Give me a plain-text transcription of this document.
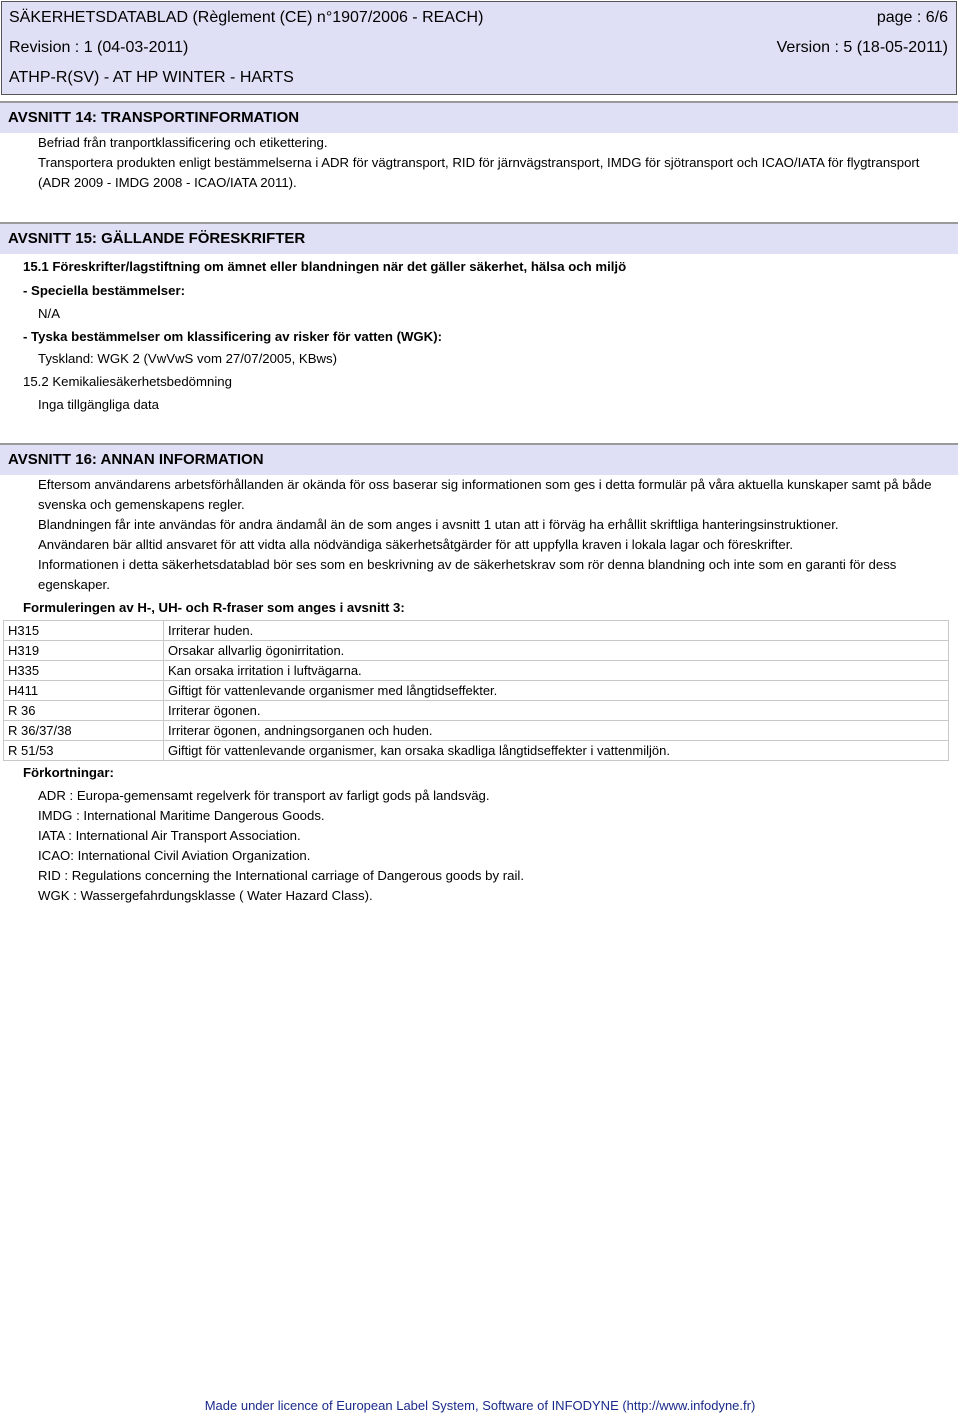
SÄKERHETSDATABLAD (Règlement (CE) n°1907/2006 - REACH)	page : 6/6
Revision : 1 (04-03-2011)	Version : 5 (18-05-2011)
ATHP-R(SV) - AT HP WINTER - HARTS
AVSNITT 14: TRANSPORTINFORMATION
Befriad från tranportklassificering och etikettering.
Transportera produkten enligt bestämmelserna i ADR för vägtransport, RID för järnvägstransport, IMDG för sjötransport och ICAO/IATA för flygtransport (ADR 2009 - IMDG 2008 - ICAO/IATA 2011).
AVSNITT 15: GÄLLANDE FÖRESKRIFTER
15.1 Föreskrifter/lagstiftning om ämnet eller blandningen när det gäller säkerhet, hälsa och miljö
- Speciella bestämmelser:
N/A
- Tyska bestämmelser om klassificering av risker för vatten (WGK):
Tyskland: WGK 2 (VwVwS vom 27/07/2005, KBws)
15.2 Kemikaliesäkerhetsbedömning
Inga tillgängliga data
AVSNITT 16: ANNAN INFORMATION
Eftersom användarens arbetsförhållanden är okända för oss baserar sig informationen som ges i detta formulär på våra aktuella kunskaper samt på både svenska och gemenskapens regler.
Blandningen får inte användas för andra ändamål än de som anges i avsnitt 1 utan att i förväg ha erhållit skriftliga hanteringsinstruktioner.
Användaren bär alltid ansvaret för att vidta alla nödvändiga säkerhetsåtgärder för att uppfylla kraven i lokala lagar och föreskrifter.
Informationen i detta säkerhetsdatablad bör ses som en beskrivning av de säkerhetskrav som rör denna blandning och inte som en garanti för dess egenskaper.
Formuleringen av H-, UH- och R-fraser som anges i avsnitt 3:
H315	Irriterar huden.
H319	Orsakar allvarlig ögonirritation.
H335	Kan orsaka irritation i luftvägarna.
H411	Giftigt för vattenlevande organismer med långtidseffekter.
R 36	Irriterar ögonen.
R 36/37/38	Irriterar ögonen, andningsorganen och huden.
R 51/53	Giftigt för vattenlevande organismer, kan orsaka skadliga långtidseffekter i vattenmiljön.
Förkortningar:
ADR : Europa-gemensamt regelverk för transport av farligt gods på landsväg.
IMDG : International Maritime Dangerous Goods.
IATA : International Air Transport Association.
ICAO: International Civil Aviation Organization.
RID : Regulations concerning the International carriage of Dangerous goods by rail.
WGK : Wassergefahrdungsklasse ( Water Hazard Class).
Made under licence of European Label System, Software of INFODYNE (http://www.infodyne.fr)
